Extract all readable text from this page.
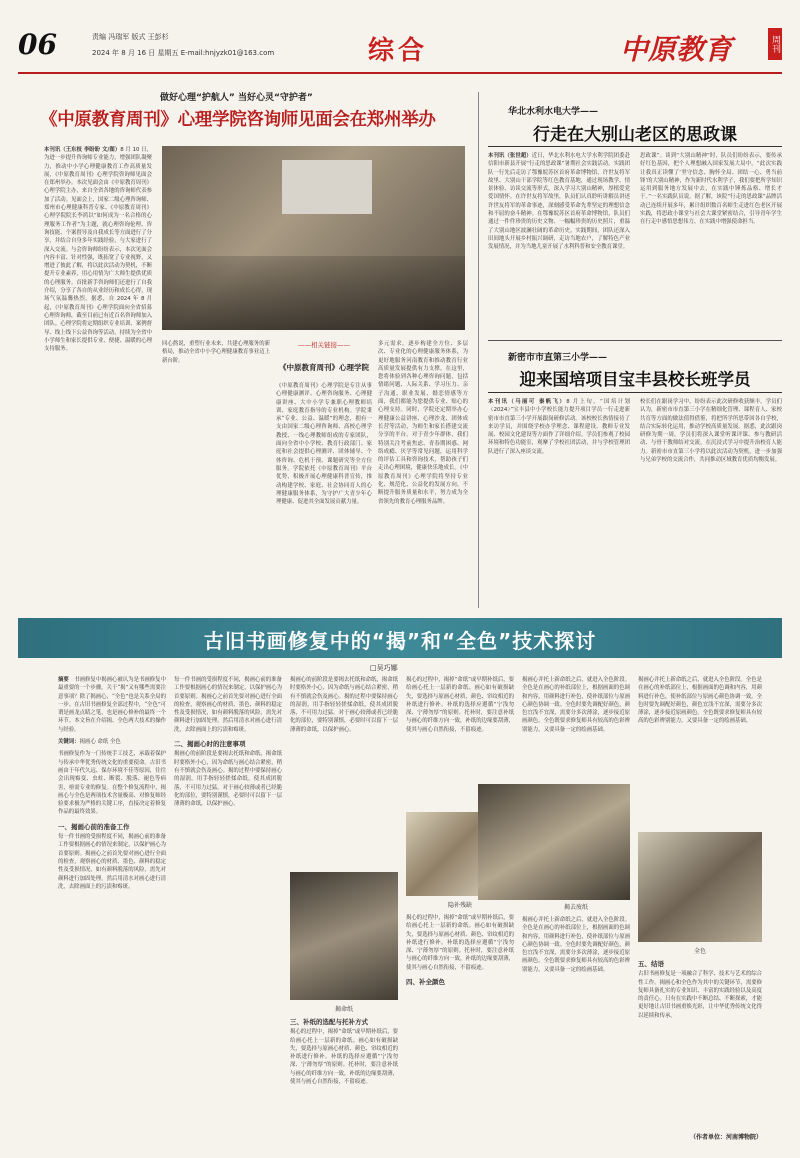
06	责编 冯瑞军 版式 王彭杉
2024 年 8 月 16 日 星期五 E-mail:hnjyzk01@163.com	综合	中原教育	周刊
做好心理“护航人” 当好心灵“守护者”
《中原教育周刊》心理学院咨询师见面会在郑州举办
本刊讯（王东枝 李盼盼 文/图）8 月 10 日，为进一步提升咨询师专业能力，增强团队凝聚力，推动中小学心理健康教育工作高质量发展，《中原教育周刊》心理学院咨询师见面会在郑州举办。本次见面会由《中原教育周刊》心理学院主办，来自全省各地的咨询师代表参加了活动。见面会上，国家二级心理咨询师、郑州市心理健康科普专家、《中原教育周刊》心理学院院长李鸿以“如何成为一名合格的心理服务工作者”为主题，就心理咨询伦理、咨询技能、个案督导及自我成长等方面进行了分享，并结合自身多年实践经验，与大家进行了深入交流。与会咨询师纷纷表示，本次见面会内容丰富、针对性强，既拓宽了专业视野，又增进了彼此了解，将以此次活动为契机，不断提升专业素养，用心用情为广大师生提供优质的心理服务。首批新手咨询师们还进行了自我介绍，分享了各自的从业经历和成长心得，现场气氛温馨热烈。据悉，自 2024 年 8 月起，《中原教育周刊》心理学院面向全省招募心理咨询师，截至目前已有近百名咨询师加入团队。心理学院将定期组织专业培训、案例督导、线上线下公益咨询等活动，持续为全省中小学师生和家长提供专业、便捷、温暖的心理支持服务。
回心熬说，重塑行业未来，共建心理服务的新格局，推动全省中小学心理健康教育事业迈上新台阶。
——相关链接——
《中原教育周刊》心理学院
《中原教育周刊》心理学院是专注从事心理健康测评、心理咨询服务、心理健康讲座、大中小学专兼职心理教师培训、家庭教育指导的专业机构。学院秉承“专业、公益、温暖”的理念，拥有一支由国家二级心理咨询师、高校心理学教授、一线心理教师组成的专家团队，面向全省中小学校、教育行政部门、家庭和社会提供心理测评、团体辅导、个体咨询、危机干预、课题研究等全方位服务。学院依托《中原教育周刊》平台优势，积极开展心理健康科普宣传，推动构建学校、家庭、社会协同育人的心理健康服务体系，为守护广大青少年心理健康、促进其全面发展贡献力量。
多元需求，逐步构建全方位、多层次、专业化的心理健康服务体系，为更好地服务河南教育和推动教育行业高质量发展提供有力支撑。在这里，您将体验到各种心理咨询问题，包括情绪问题、人际关系、学习压力、亲子沟通、职业发展、婚恋情感等方面，我们都能为您提供专业、贴心的心理支持。同时，学院还定期举办心理健康公益讲座、心理沙龙、团体成长营等活动，为师生和家长搭建交流分享的平台。对于青少年群体，我们特别关注考前焦虑、青春期困惑、网络成瘾、厌学等常见问题，运用科学的评估工具和咨询技术，帮助孩子们走出心理困境，健康快乐地成长。《中原教育周刊》心理学院将坚持专业化、规范化、公益化的发展方向，不断提升服务质量和水平，努力成为全省领先的教育心理服务品牌。
华北水利水电大学——
行走在大别山老区的思政课
本刊讯（张世超）近日，华北水利水电大学水利学院团委赴信阳市新县开展“行走的思政课”暑期社会实践活动。实践团队一行先后走访了鄂豫皖苏区首府革命博物馆、许世友将军故里、大别山干部学院等红色教育基地，通过现场教学、情景体验、访谈交流等形式，深入学习大别山精神，厚植爱党爱国情怀。在许世友将军故里，队员们认真聆听讲解员讲述许世友将军的革命事迹，深刻感受革命先辈坚定的理想信念和不屈的奋斗精神。在鄂豫皖苏区首府革命博物馆，队员们通过一件件珍贵的历史文物、一幅幅珍贵的历史照片，重温了大别山地区波澜壮阔的革命历史。实践期间，团队还深入田间地头开展乡村振兴调研，走访当地农户，了解特色产业发展情况，并为当地儿童开展了水利科普和安全教育课堂。
思政课”。谈到“大别山精神”时，队员们纷纷表示，要传承好红色基因，把个人理想融入国家发展大局中。“此次实践让我真正读懂了‘坚守信念、胸怀全局、团结一心、勇当前锋’的大别山精神，作为新时代水利学子，我们要把所学知识运用到服务地方发展中去，在实践中锤炼品格、增长才干。”一名实践队员说。据了解，该院“行走的思政课”品牌活动已连续开展多年，累计组织数百名师生走进红色老区开展实践，将思政小课堂与社会大课堂紧密结合，引导青年学生在行走中感悟思想伟力、在实践中增强使命担当。
新密市市直第三小学——
迎来国培项目宝丰县校长班学员
本刊讯（马丽可 秦帆飞）8 月上旬，“国培计划（2024）”宝丰县中小学校长能力提升项目学员一行走进新密市市直第三小学开展跟岗研修活动。该校校长热情接待了来访学员，并围绕学校办学理念、课程建设、教师专业发展、校园文化建设等方面作了详细介绍。学员们参观了校园环境和特色功能室，观摩了学校社团活动，并与学校管理团队进行了深入座谈交流。
校长们在跟岗学习中，纷纷表示此次研修收获颇丰。学员们认为，新密市市直第三小学在精细化管理、课程育人、家校共育等方面的做法值得借鉴，将把所学所思带回各自学校，结合实际转化运用，推动学校高质量发展。据悉，此次跟岗研修为期一周，学员们将深入课堂听课评课、参与教研活动、与骨干教师结对交流，在沉浸式学习中提升治校育人能力。新密市市直第三小学将以此次活动为契机，进一步加强与兄弟学校的交流合作，共同推动区域教育优质均衡发展。
古旧书画修复中的“揭”和“全色”技术探讨
□吴巧娜
摘要　 书画修复中揭画心被认为是书画修复中最重要的一个步骤，关于“揭”又有哪些需要注意事项？除了揭画心，“全色”也是关系全局的一步。在古旧书画修复全部过程中，“全色”可谓是画龙点睛之笔，也是画心修补的最终一个环节。本文旨在介绍揭、全色两大技术的操作与经验。
关键词：揭画心 命纸 全色
书画修复作为一门传统手工技艺，承载着保护与传承中华优秀传统文化的重要使命。古旧书画由于年代久远、保存环境不佳等原因，往往会出现霉变、虫蛀、断裂、脱落、褪色等病害，亟需专业的修复。在整个修复流程中，揭画心与全色是两项技术含量极高、对修复师经验要求极为严格的关键工序，直接决定着修复作品的最终效果。
一、揭画心前的准备工作
每一件书画的受损程度不同，揭画心前的准备工作要根据画心的情况来制定，以保护画心为首要原则。揭画心之前首先要对画心进行全面的检查，观察画心的材质、墨色、颜料的稳定性及受损情况，如有颜料脱落的风险，需先对颜料进行加固处理。然后用清水对画心进行清洗，去除画面上的污渍和霉斑。
每一件书画的受损程度不同，揭画心前的准备工作要根据画心的情况来制定，以保护画心为首要原则。揭画心之前首先要对画心进行全面的检查，观察画心的材质、墨色、颜料的稳定性及受损情况，如有颜料脱落的风险，需先对颜料进行加固处理。然后用清水对画心进行清洗，去除画面上的污渍和霉斑。
二、揭画心时的注意事项
揭画心的前阶段是要揭去托纸和命纸，揭命纸时要格外小心，因为命纸与画心结合紧密，稍有不慎就会伤及画心。揭的过程中要保持画心的湿润，用手指轻轻搓揉命纸，使其成团脱落，不可用力过猛。对于画心较薄或者已经脆化的部位，要特别谨慎，必要时可以留下一层薄薄的命纸，以保护画心。
揭画心的前阶段是要揭去托纸和命纸，揭命纸时要格外小心，因为命纸与画心结合紧密，稍有不慎就会伤及画心。揭的过程中要保持画心的湿润，用手指轻轻搓揉命纸，使其成团脱落，不可用力过猛。对于画心较薄或者已经脆化的部位，要特别谨慎，必要时可以留下一层薄薄的命纸，以保护画心。
揭命纸
三、补纸的选配与托补方式
揭心的过程中，揭掉“命纸”或早期补纸后，要给画心托上一层新的命纸。画心如有破损缺失，要选择与原画心材质、颜色、帘纹相近的补纸进行修补。补纸的选择应遵循“宁浅勿深、宁薄勿厚”的原则。托补时，要注意补纸与画心的纤维方向一致，补纸的边缘要刮薄，使其与画心自然衔接，不留痕迹。
揭心的过程中，揭掉“命纸”或早期补纸后，要给画心托上一层新的命纸。画心如有破损缺失，要选择与原画心材质、颜色、帘纹相近的补纸进行修补。补纸的选择应遵循“宁浅勿深、宁薄勿厚”的原则。托补时，要注意补纸与画心的纤维方向一致，补纸的边缘要刮薄，使其与画心自然衔接，不留痕迹。
隐补残缺
揭心的过程中，揭掉“命纸”或早期补纸后，要给画心托上一层新的命纸。画心如有破损缺失，要选择与原画心材质、颜色、帘纹相近的补纸进行修补。补纸的选择应遵循“宁浅勿深、宁薄勿厚”的原则。托补时，要注意补纸与画心的纤维方向一致，补纸的边缘要刮薄，使其与画心自然衔接，不留痕迹。
四、补全颜色
揭画心并托上新命纸之后，就进入全色阶段。全色是在画心的补纸部位上，根据画面的色调和内容，用颜料进行补色，使补纸部位与原画心颜色协调一致。全色时要先调配好颜色，颜色宜浅不宜深，需要分多次薄涂，逐步接近原画颜色。全色既要求修复师具有较高的色彩辨别能力，又要具备一定的绘画基础。
揭去废纸
揭画心并托上新命纸之后，就进入全色阶段。全色是在画心的补纸部位上，根据画面的色调和内容，用颜料进行补色，使补纸部位与原画心颜色协调一致。全色时要先调配好颜色，颜色宜浅不宜深，需要分多次薄涂，逐步接近原画颜色。全色既要求修复师具有较高的色彩辨别能力，又要具备一定的绘画基础。
揭画心并托上新命纸之后，就进入全色阶段。全色是在画心的补纸部位上，根据画面的色调和内容，用颜料进行补色，使补纸部位与原画心颜色协调一致。全色时要先调配好颜色，颜色宜浅不宜深，需要分多次薄涂，逐步接近原画颜色。全色既要求修复师具有较高的色彩辨别能力，又要具备一定的绘画基础。
全色
五、结语
古旧书画修复是一项融合了科学、技术与艺术的综合性工作。揭画心和全色作为其中的关键环节，需要修复师具备扎实的专业知识、丰富的实践经验以及高度的责任心。只有在实践中不断总结、不断探索，才能更好地让古旧书画重焕光彩，让中华优秀传统文化得以延续和传承。
（作者单位：河南博物院）
